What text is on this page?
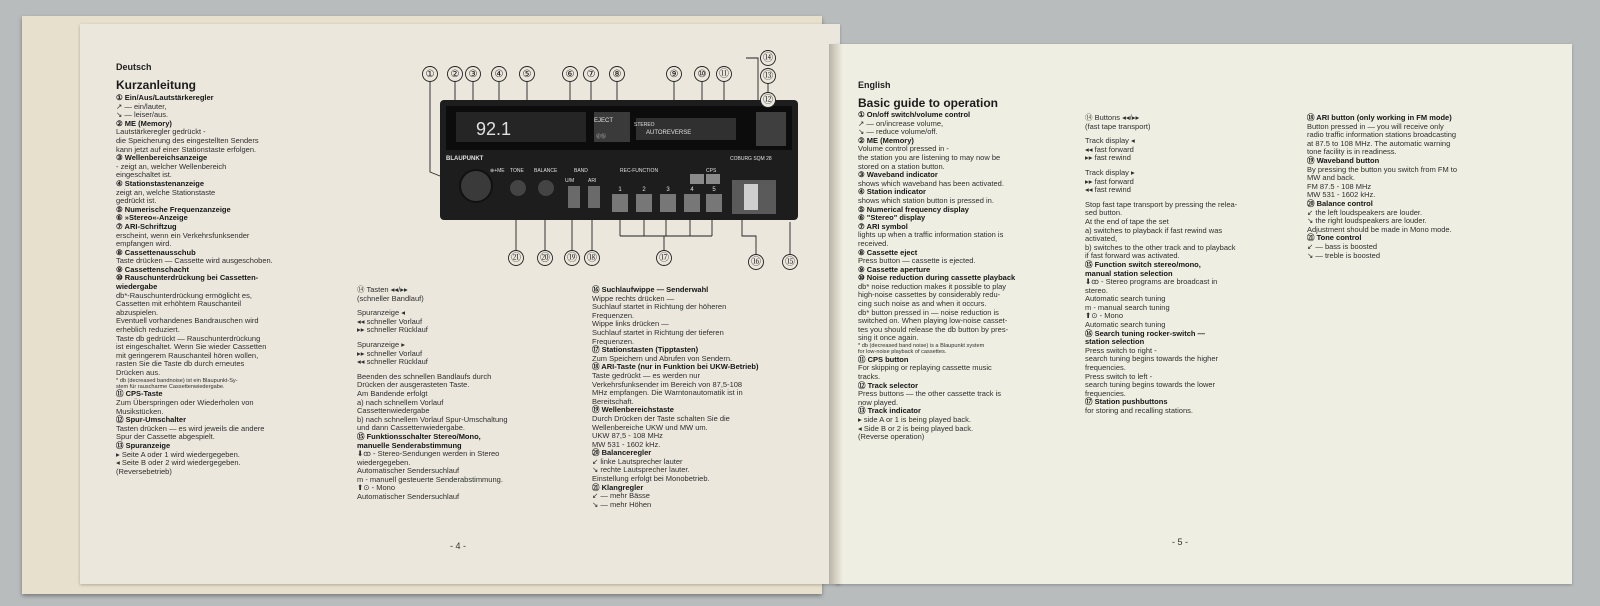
Deutsch
Kurzanleitung
① Ein/Aus/Lautstärkeregler
↗ — ein/lauter,
↘ — leiser/aus.
② ME (Memory)
Lautstärkeregler gedrückt -
die Speicherung des eingestellten Senders
kann jetzt auf einer Stationstaste erfolgen.
③ Wellenbereichsanzeige
- zeigt an, welcher Wellenbereich
eingeschaltet ist.
④ Stationstastenanzeige
zeigt an, welche Stationstaste
gedrückt ist.
⑤ Numerische Frequenzanzeige
⑥ »Stereo«-Anzeige
⑦ ARI-Schriftzug
erscheint, wenn ein Verkehrsfunksender
empfangen wird.
⑧ Cassettenausschub
Taste drücken — Cassette wird ausgeschoben.
⑨ Cassettenschacht
⑩ Rauschunterdrückung bei Cassetten-
wiedergabe
db*-Rauschunterdrückung ermöglicht es,
Cassetten mit erhöhtem Rauschanteil
abzuspielen.
Eventuell vorhandenes Bandrauschen wird
erheblich reduziert.
Taste db gedrückt — Rauschunterdrückung
ist eingeschaltet. Wenn Sie wieder Cassetten
mit geringerem Rauschanteil hören wollen,
rasten Sie die Taste db durch erneutes
Drücken aus.
* db (decreased bandnoise) ist ein Blaupunkt-Sy-
stem für rauscharme Cassettenwiedergabe.
⑪ CPS-Taste
Zum Überspringen oder Wiederholen von
Musikstücken.
⑫ Spur-Umschalter
Tasten drücken — es wird jeweils die andere
Spur der Cassette abgespielt.
⑬ Spuranzeige
▸ Seite A oder 1 wird wiedergegeben.
◂ Seite B oder 2 wird wiedergegeben.
(Reversebetrieb)
⑭ Tasten ◂◂/▸▸
(schneller Bandlauf)
Spuranzeige ◂
◂◂ schneller Vorlauf
▸▸ schneller Rücklauf
Spuranzeige ▸
▸▸ schneller Vorlauf
◂◂ schneller Rücklauf
Beenden des schnellen Bandlaufs durch
Drücken der ausgerasteten Taste.
Am Bandende erfolgt
a) nach schnellem Vorlauf
Cassettenwiedergabe
b) nach schnellem Vorlauf Spur-Umschaltung
und dann Cassettenwiedergabe.
⑮ Funktionsschalter Stereo/Mono,
manuelle Senderabstimmung
⬇ꝏ - Stereo-Sendungen werden in Stereo
wiedergegeben.
Automatischer Sendersuchlauf
m - manuell gesteuerte Senderabstimmung.
⬆⊙ - Mono
Automatischer Sendersuchlauf
⑯ Suchlaufwippe — Senderwahl
Wippe rechts drücken —
Suchlauf startet in Richtung der höheren
Frequenzen.
Wippe links drücken —
Suchlauf startet in Richtung der tieferen
Frequenzen.
⑰ Stationstasten (Tipptasten)
Zum Speichern und Abrufen von Sendern.
⑱ ARI-Taste (nur in Funktion bei UKW-Betrieb)
Taste gedrückt — es werden nur
Verkehrsfunksender im Bereich von 87,5-108
MHz empfangen. Die Warntonautomatik ist in
Bereitschaft.
⑲ Wellenbereichstaste
Durch Drücken der Taste schalten Sie die
Wellenbereiche UKW und MW um.
UKW 87,5 - 108 MHz
MW 531 - 1602 kHz.
⑳ Balanceregler
↙ linke Lautsprecher lauter
↘ rechte Lautsprecher lauter.
Einstellung erfolgt bei Monobetrieb.
㉑ Klangregler
↙ — mehr Bässe
↘ — mehr Höhen
- 4 -
English
Basic guide to operation
① On/off switch/volume control
↗ — on/increase volume,
↘ — reduce volume/off.
② ME (Memory)
Volume control pressed in -
the station you are listening to may now be
stored on a station button.
③ Waveband indicator
shows which waveband has been activated.
④ Station indicator
shows which station button is pressed in.
⑤ Numerical frequency display
⑥ "Stereo" display
⑦ ARI symbol
lights up when a traffic information station is
received.
⑧ Cassette eject
Press button — cassette is ejected.
⑨ Cassette aperture
⑩ Noise reduction during cassette playback
db* noise reduction makes it possible to play
high-noise cassettes by considerably redu-
cing such noise as and when it occurs.
db* button pressed in — noise reduction is
switched on. When playing low-noise casset-
tes you should release the db button by pres-
sing it once again.
* db (decreased band noise) is a Blaupunkt system
for low-noise playback of cassettes.
⑪ CPS button
For skipping or replaying cassette music
tracks.
⑫ Track selector
Press buttons — the other cassette track is
now played.
⑬ Track indicator
▸ side A or 1 is being played back.
◂ Side B or 2 is being played back.
(Reverse operation)
⑭ Buttons ◂◂/▸▸
(fast tape transport)
Track display ◂
◂◂ fast forward
▸▸ fast rewind
Track display ▸
▸▸ fast forward
◂◂ fast rewind
Stop fast tape transport by pressing the relea-
sed button.
At the end of tape the set
a) switches to playback if fast rewind was
activated,
b) switches to the other track and to playback
if fast forward was activated.
⑮ Function switch stereo/mono,
manual station selection
⬇ꝏ - Stereo programs are broadcast in
stereo.
Automatic search tuning
m - manual search tuning
⬆⊙ - Mono
Automatic search tuning
⑯ Search tuning rocker-switch —
station selection
Press switch to right -
search tuning begins towards the higher
frequencies.
Press switch to left -
search tuning begins towards the lower
frequencies.
⑰ Station pushbuttons
for storing and recalling stations.
⑱ ARI button (only working in FM mode)
Button pressed in — you will receive only
radio traffic information stations broadcasting
at 87.5 to 108 MHz. The automatic warning
tone facility is in readiness.
⑲ Waveband button
By pressing the button you switch from FM to
MW and back.
FM 87.5 - 108 MHz
MW 531 - 1602 kHz.
⑳ Balance control
↙ the left loudspeakers are louder.
↘ the right loudspeakers are louder.
Adjustment should be made in Mono mode.
㉑ Tone control
↙ — bass is boosted
↘ — treble is boosted
- 5 -
92.1	EJECT
AUTOREVERSE
BLAUPUNKT	COBURG SQM 28
⊕+ME TONE BALANCE	BAND	REC-FUNCTION
U/M	ARI
CPS
STEREO
ⓓⓑ
1	2	3	4	5
① ② ③ ④ ⑤	⑥ ⑦ ⑧	⑨ ⑩ ⑪
⑭
⑬
⑫
㉑ ⑳ ⑲ ⑱	⑰	⑯ ⑮
